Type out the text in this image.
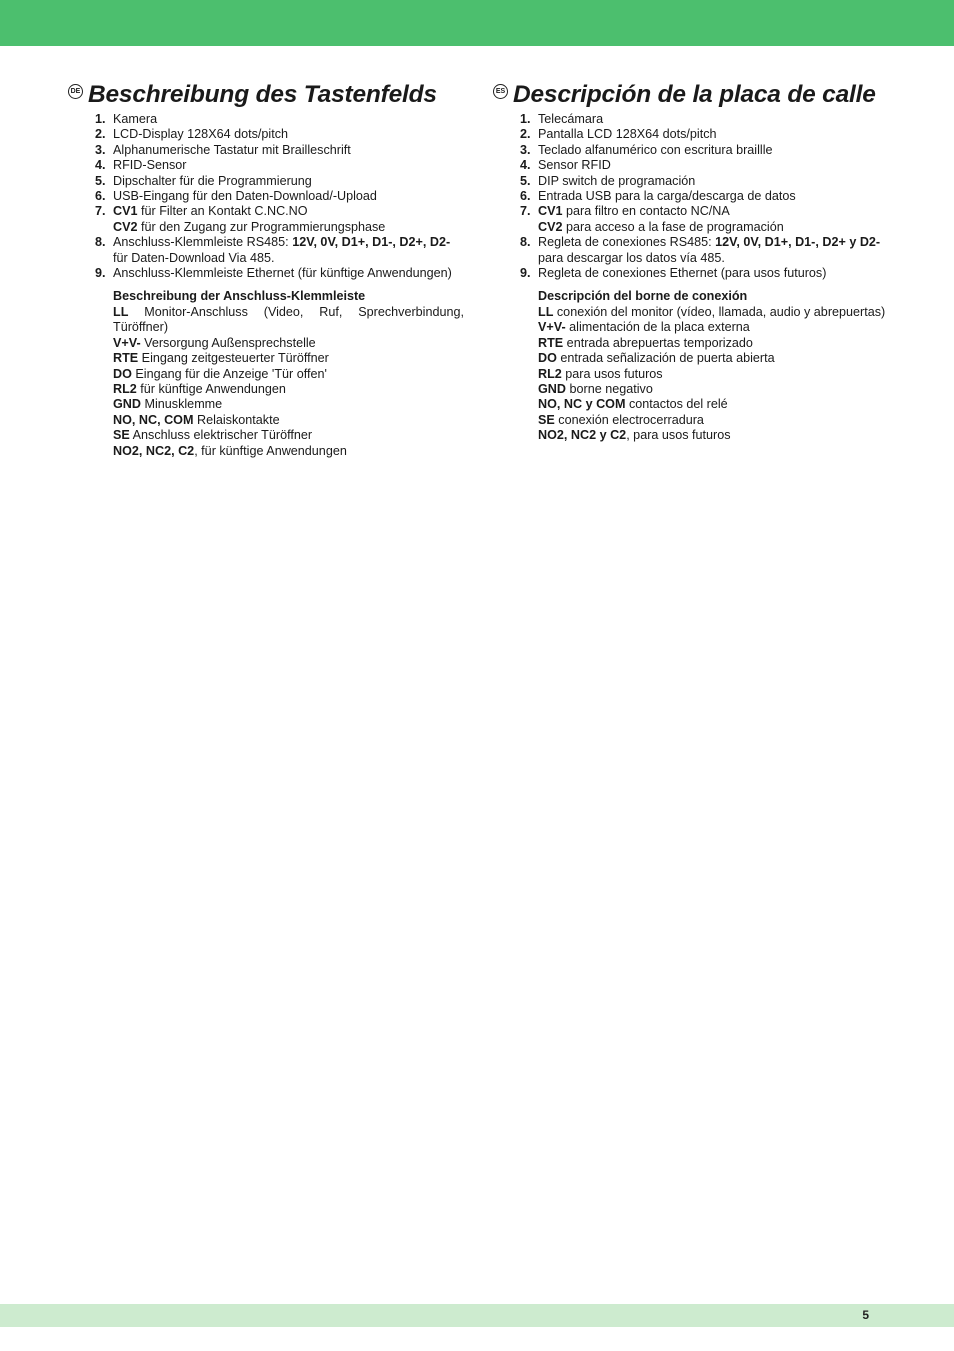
DE Beschreibung des Tastenfelds
1. Kamera
2. LCD-Display 128X64 dots/pitch
3. Alphanumerische Tastatur mit Brailleschrift
4. RFID-Sensor
5. Dipschalter für die Programmierung
6. USB-Eingang für den Daten-Download/-Upload
7. CV1 für Filter an Kontakt C.NC.NO
CV2 für den Zugang zur Programmierungsphase
8. Anschluss-Klemmleiste RS485: 12V, 0V, D1+, D1-, D2+, D2-
für Daten-Download Via 485.
9. Anschluss-Klemmleiste Ethernet (für künftige Anwendungen)
Beschreibung der Anschluss-Klemmleiste
LL Monitor-Anschluss (Video, Ruf, Sprechverbindung,
Türöffner)
V+V- Versorgung Außensprechstelle
RTE Eingang zeitgesteuerter Türöffner
DO Eingang für die Anzeige 'Tür offen'
RL2 für künftige Anwendungen
GND Minusklemme
NO, NC, COM Relaiskontakte
SE Anschluss elektrischer Türöffner
NO2, NC2, C2, für künftige Anwendungen
ES Descripción de la placa de calle
1. Telecámara
2. Pantalla LCD 128X64 dots/pitch
3. Teclado alfanumérico con escritura braillle
4. Sensor RFID
5. DIP switch de programación
6. Entrada USB para la carga/descarga de datos
7. CV1 para filtro en contacto NC/NA
CV2 para acceso a la fase de programación
8. Regleta de conexiones RS485: 12V, 0V, D1+, D1-, D2+ y D2-
para descargar los datos vía 485.
9. Regleta de conexiones Ethernet (para usos futuros)
Descripción del borne de conexión
LL conexión del monitor (vídeo, llamada, audio y abrepuertas)
V+V- alimentación de la placa externa
RTE entrada abrepuertas temporizado
DO entrada señalización de puerta abierta
RL2 para usos futuros
GND borne negativo
NO, NC y COM contactos del relé
SE conexión electrocerradura
NO2, NC2 y C2, para usos futuros
5
